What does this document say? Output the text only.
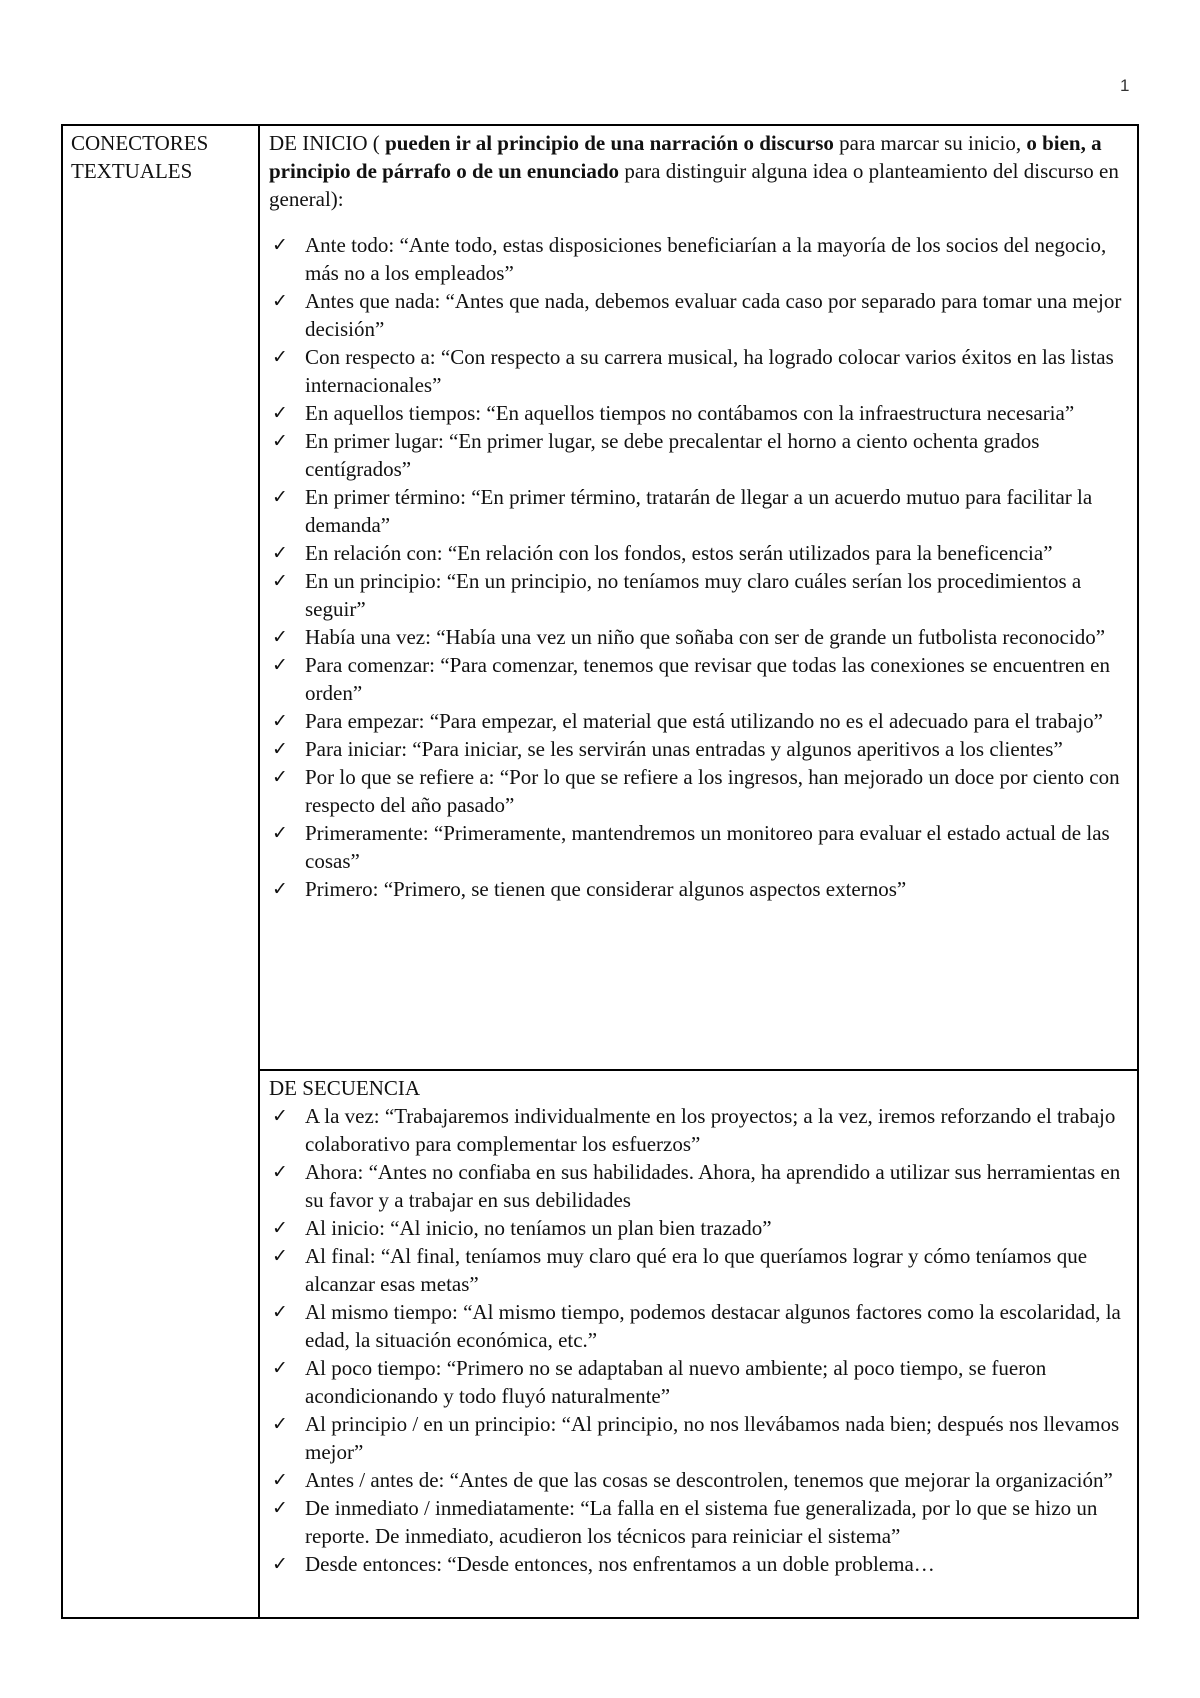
1
CONECTORES TEXTUALES	

DE INICIO ( pueden ir al principio de una narración o discurso para marcar su inicio, o bien, a principio de párrafo o de un enunciado para distinguir alguna idea o planteamiento del discurso en general):

✓ Ante todo: “Ante todo, estas disposiciones beneficiarían a la mayoría de los socios del negocio, más no a los empleados”
✓ Antes que nada: “Antes que nada, debemos evaluar cada caso por separado para tomar una mejor decisión”
✓ Con respecto a: “Con respecto a su carrera musical, ha logrado colocar varios éxitos en las listas internacionales”
✓ En aquellos tiempos: “En aquellos tiempos no contábamos con la infraestructura necesaria”
✓ En primer lugar: “En primer lugar, se debe precalentar el horno a ciento ochenta grados centígrados”
✓ En primer término: “En primer término, tratarán de llegar a un acuerdo mutuo para facilitar la demanda”
✓ En relación con: “En relación con los fondos, estos serán utilizados para la beneficencia”
✓ En un principio: “En un principio, no teníamos muy claro cuáles serían los procedimientos a seguir”
✓ Había una vez: “Había una vez un niño que soñaba con ser de grande un futbolista reconocido”
✓ Para comenzar: “Para comenzar, tenemos que revisar que todas las conexiones se encuentren en orden”
✓ Para empezar: “Para empezar, el material que está utilizando no es el adecuado para el trabajo”
✓ Para iniciar: “Para iniciar, se les servirán unas entradas y algunos aperitivos a los clientes”
✓ Por lo que se refiere a: “Por lo que se refiere a los ingresos, han mejorado un doce por ciento con respecto del año pasado”
✓ Primeramente: “Primeramente, mantendremos un monitoreo para evaluar el estado actual de las cosas”
✓ Primero: “Primero, se tienen que considerar algunos aspectos externos”

DE SECUENCIA

✓ A la vez: “Trabajaremos individualmente en los proyectos; a la vez, iremos reforzando el trabajo colaborativo para complementar los esfuerzos”
✓ Ahora: “Antes no confiaba en sus habilidades. Ahora, ha aprendido a utilizar sus herramientas en su favor y a trabajar en sus debilidades
✓ Al inicio: “Al inicio, no teníamos un plan bien trazado”
✓ Al final: “Al final, teníamos muy claro qué era lo que queríamos lograr y cómo teníamos que alcanzar esas metas”
✓ Al mismo tiempo: “Al mismo tiempo, podemos destacar algunos factores como la escolaridad, la edad, la situación económica, etc.”
✓ Al poco tiempo: “Primero no se adaptaban al nuevo ambiente; al poco tiempo, se fueron acondicionando y todo fluyó naturalmente”
✓ Al principio / en un principio: “Al principio, no nos llevábamos nada bien; después nos llevamos mejor”
✓ Antes / antes de: “Antes de que las cosas se descontrolen, tenemos que mejorar la organización”
✓ De inmediato / inmediatamente: “La falla en el sistema fue generalizada, por lo que se hizo un reporte. De inmediato, acudieron los técnicos para reiniciar el sistema”
✓ Desde entonces: “Desde entonces, nos enfrentamos a un doble problema…
